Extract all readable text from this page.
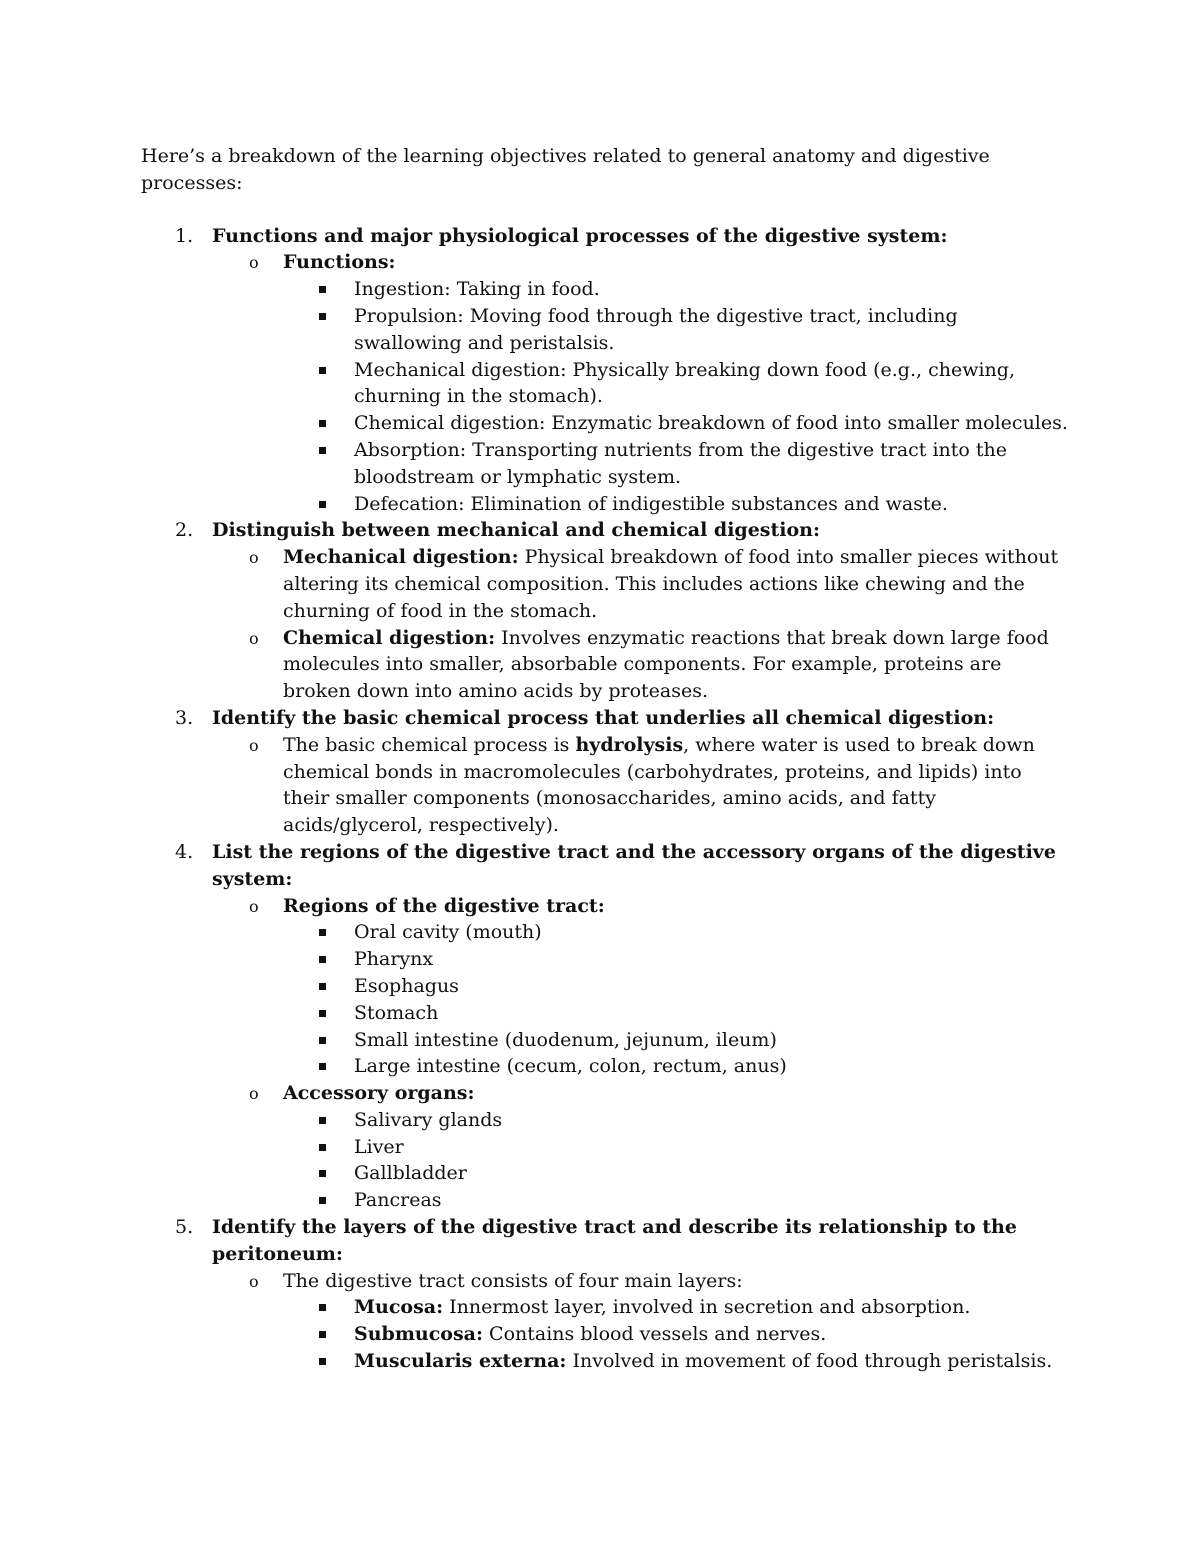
Here’s a breakdown of the learning objectives related to general anatomy and digestive processes:

1. Functions and major physiological processes of the digestive system:
o Functions:
Ingestion: Taking in food.
Propulsion: Moving food through the digestive tract, including swallowing and peristalsis.
Mechanical digestion: Physically breaking down food (e.g., chewing, churning in the stomach).
Chemical digestion: Enzymatic breakdown of food into smaller molecules.
Absorption: Transporting nutrients from the digestive tract into the bloodstream or lymphatic system.
Defecation: Elimination of indigestible substances and waste.
2. Distinguish between mechanical and chemical digestion:
o Mechanical digestion: Physical breakdown of food into smaller pieces without altering its chemical composition. This includes actions like chewing and the churning of food in the stomach.
o Chemical digestion: Involves enzymatic reactions that break down large food molecules into smaller, absorbable components. For example, proteins are broken down into amino acids by proteases.
3. Identify the basic chemical process that underlies all chemical digestion:
o The basic chemical process is hydrolysis, where water is used to break down chemical bonds in macromolecules (carbohydrates, proteins, and lipids) into their smaller components (monosaccharides, amino acids, and fatty acids/glycerol, respectively).
4. List the regions of the digestive tract and the accessory organs of the digestive system:
o Regions of the digestive tract:
Oral cavity (mouth)
Pharynx
Esophagus
Stomach
Small intestine (duodenum, jejunum, ileum)
Large intestine (cecum, colon, rectum, anus)
o Accessory organs:
Salivary glands
Liver
Gallbladder
Pancreas
5. Identify the layers of the digestive tract and describe its relationship to the peritoneum:
o The digestive tract consists of four main layers:
Mucosa: Innermost layer, involved in secretion and absorption.
Submucosa: Contains blood vessels and nerves.
Muscularis externa: Involved in movement of food through peristalsis.
